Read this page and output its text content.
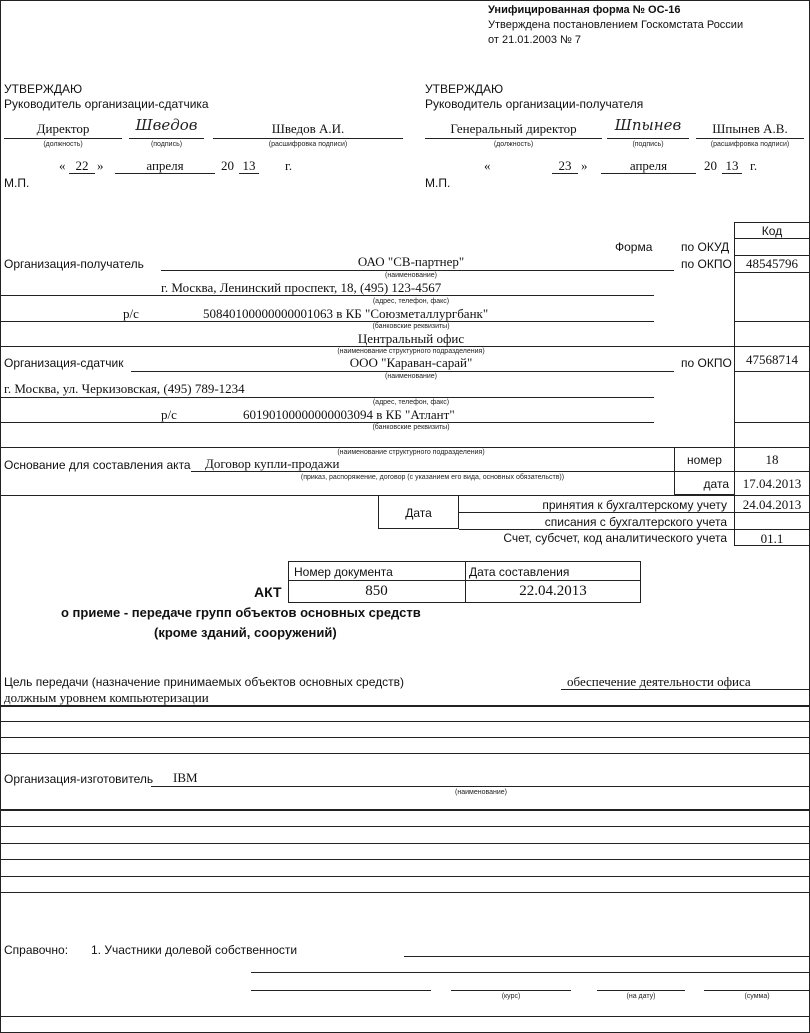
Унифицированная форма № ОС-16
Утверждена постановлением Госкомстата России
от 21.01.2003 № 7
УТВЕРЖДАЮ
Руководитель организации-сдатчика
Директор
(должность)
Шведов
(подпись)
Шведов А.И.
(расшифровка подписи)
« 22 »	апреля	20 13 г.
М.П.
УТВЕРЖДАЮ
Руководитель организации-получателя
Генеральный директор
(должность)
Шпынев
(подпись)
Шпынев А.В.
(расшифровка подписи)
«	23 »	апреля	20 13 г.
М.П.
Код
Форма по ОКУД
по ОКПО	48545796
по ОКПО	47568714
номер	18
дата	17.04.2013
Дата
принятия к бухгалтерскому учету	24.04.2013
списания с бухгалтерского учета
Счет, субсчет, код аналитического учета	01.1
Организация-получатель	ОАО "СВ-партнер"
(наименование)
г. Москва, Ленинский проспект, 18, (495) 123-4567
(адрес, телефон, факс)
р/с	50840100000000001063 в КБ "Союзметаллургбанк"
(банковские реквизиты)
Центральный офис
(наименование структурного подразделения)
Организация-сдатчик	ООО "Караван-сарай"
(наименование)
г. Москва, ул. Черкизовская, (495) 789-1234
(адрес, телефон, факс)
р/с	60190100000000003094 в КБ "Атлант"
(банковские реквизиты)
(наименование структурного подразделения)
Основание для составления акта Договор купли-продажи
(приказ, распоряжение, договор (с указанием его вида, основных обязательств))
Номер документа	Дата составления
850	22.04.2013
АКТ
о приеме - передаче групп объектов основных средств
(кроме зданий, сооружений)
Цель передачи (назначение принимаемых объектов основных средств)	обеспечение деятельности офиса
должным уровнем компьютеризации
Организация-изготовитель IBM
(наименование)
Справочно: 1. Участники долевой собственности
(курс)	(на дату)	(сумма)
